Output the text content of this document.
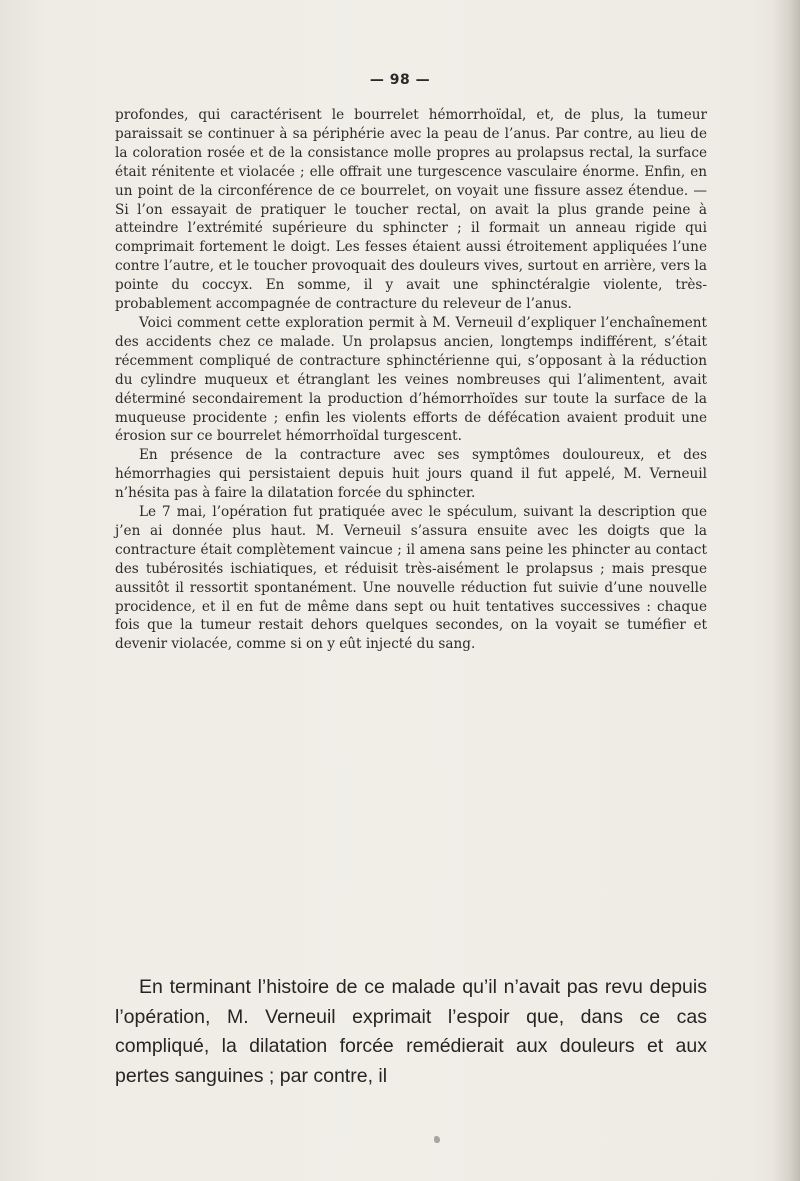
— 98 —

profondes, qui caractérisent le bourrelet hémorrhoïdal, et, de plus, la tumeur paraissait se continuer à sa périphérie avec la peau de l’anus. Par contre, au lieu de la coloration rosée et de la consistance molle propres au prolapsus rectal, la surface était rénitente et violacée ; elle offrait une turgescence vasculaire énorme. Enfin, en un point de la circonférence de ce bourrelet, on voyait une fissure assez étendue. — Si l’on essayait de pratiquer le toucher rectal, on avait la plus grande peine à atteindre l’extrémité supérieure du sphincter ; il formait un anneau rigide qui comprimait fortement le doigt. Les fesses étaient aussi étroitement appliquées l’une contre l’autre, et le toucher provoquait des douleurs vives, surtout en arrière, vers la pointe du coccyx. En somme, il y avait une sphinctéralgie violente, très-probablement accompagnée de contracture du releveur de l’anus.

Voici comment cette exploration permit à M. Verneuil d’expliquer l’enchaînement des accidents chez ce malade. Un prolapsus ancien, longtemps indifférent, s’était récemment compliqué de contracture sphinctérienne qui, s’opposant à la réduction du cylindre muqueux et étranglant les veines nombreuses qui l’alimentent, avait déterminé secondairement la production d’hémorrhoïdes sur toute la surface de la muqueuse procidente ; enfin les violents efforts de défécation avaient produit une érosion sur ce bourrelet hémorrhoïdal turgescent.

En présence de la contracture avec ses symptômes douloureux, et des hémorrhagies qui persistaient depuis huit jours quand il fut appelé, M. Verneuil n’hésita pas à faire la dilatation forcée du sphincter.

Le 7 mai, l’opération fut pratiquée avec le spéculum, suivant la description que j’en ai donnée plus haut. M. Verneuil s’assura ensuite avec les doigts que la contracture était complètement vaincue ; il amena sans peine les phincter au contact des tubérosités ischiatiques, et réduisit très-aisément le prolapsus ; mais presque aussitôt il ressortit spontanément. Une nouvelle réduction fut suivie d’une nouvelle procidence, et il en fut de même dans sept ou huit tentatives successives : chaque fois que la tumeur restait dehors quelques secondes, on la voyait se tuméfier et devenir violacée, comme si on y eût injecté du sang.

En terminant l’histoire de ce malade qu’il n’avait pas revu depuis l’opération, M. Verneuil exprimait l’espoir que, dans ce cas compliqué, la dilatation forcée remédierait aux douleurs et aux pertes sanguines ; par contre, il
